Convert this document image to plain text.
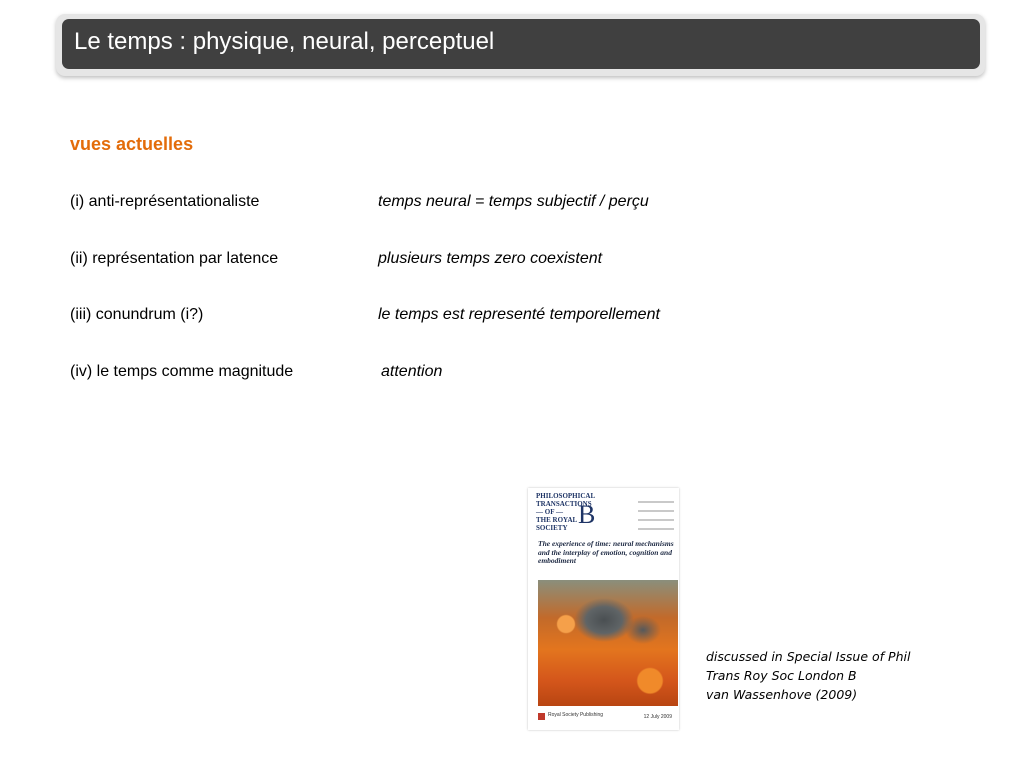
Le temps : physique, neural, perceptuel
vues actuelles
(i) anti-représentationaliste	temps neural = temps subjectif / perçu
(ii) représentation par latence	plusieurs temps zero coexistent
(iii) conundrum (i?)	le temps est representé temporellement
(iv) le temps comme magnitude	attention
PHILOSOPHICAL
TRANSACTIONS
— OF —
THE ROYAL
SOCIETY B
The experience of time: neural mechanisms and the interplay of emotion, cognition and embodiment
Royal Society Publishing	12 July 2009
discussed in Special Issue of Phil
Trans Roy Soc London B
van Wassenhove (2009)
